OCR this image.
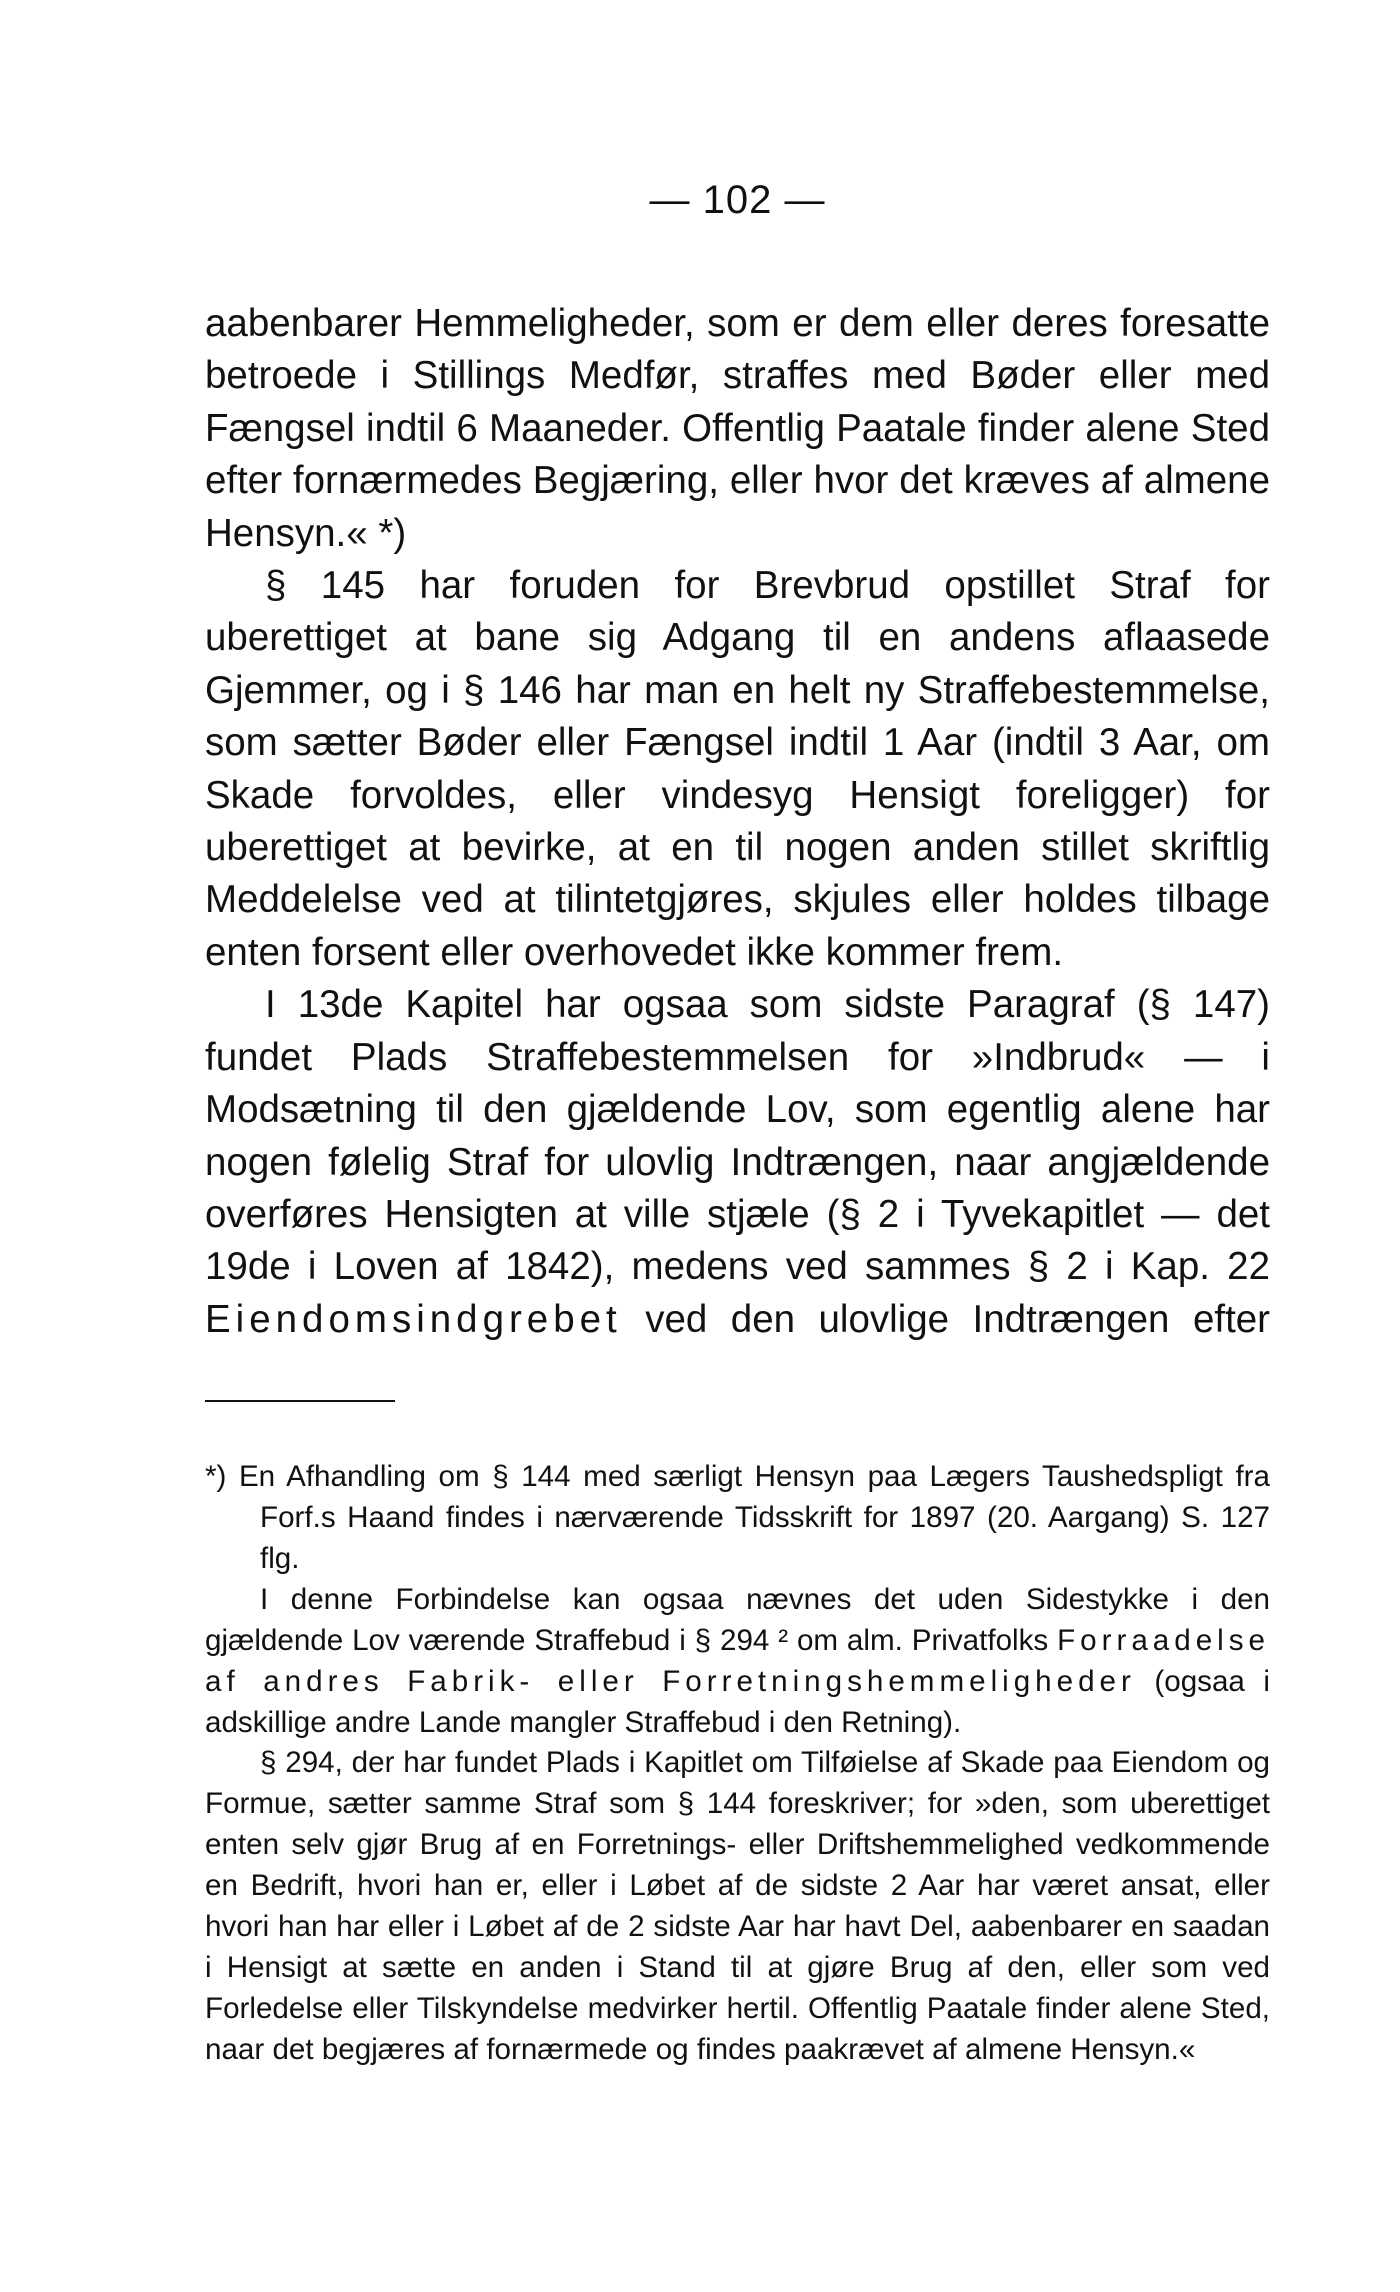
— 102 —

aabenbarer Hemmeligheder, som er dem eller deres foresatte betroede i Stillings Medfør, straffes med Bøder eller med Fængsel indtil 6 Maaneder. Offentlig Paatale finder alene Sted efter fornærmedes Begjæring, eller hvor det kræves af almene Hensyn.« *)

§ 145 har foruden for Brevbrud opstillet Straf for uberettiget at bane sig Adgang til en andens aflaasede Gjemmer, og i § 146 har man en helt ny Straffebestemmelse, som sætter Bøder eller Fængsel indtil 1 Aar (indtil 3 Aar, om Skade forvoldes, eller vindesyg Hensigt foreligger) for uberettiget at bevirke, at en til nogen anden stillet skriftlig Meddelelse ved at tilintetgjøres, skjules eller holdes tilbage enten forsent eller overhovedet ikke kommer frem.

I 13de Kapitel har ogsaa som sidste Paragraf (§ 147) fundet Plads Straffebestemmelsen for »Indbrud« — i Modsætning til den gjældende Lov, som egentlig alene har nogen følelig Straf for ulovlig Indtrængen, naar angjældende overføres Hensigten at ville stjæle (§ 2 i Tyvekapitlet — det 19de i Loven af 1842), medens ved sammes § 2 i Kap. 22 Eiendomsindgrebet ved den ulovlige Indtrængen efter

*) En Afhandling om § 144 med særligt Hensyn paa Lægers Taushedspligt fra Forf.s Haand findes i nærværende Tidsskrift for 1897 (20. Aargang) S. 127 flg.

I denne Forbindelse kan ogsaa nævnes det uden Sidestykke i den gjældende Lov værende Straffebud i § 294 ² om alm. Privatfolks Forraadelse af andres Fabrik- eller Forretningshemmeligheder (ogsaa i adskillige andre Lande mangler Straffebud i den Retning).

§ 294, der har fundet Plads i Kapitlet om Tilføielse af Skade paa Eiendom og Formue, sætter samme Straf som § 144 foreskriver; for »den, som uberettiget enten selv gjør Brug af en Forretnings- eller Driftshemmelighed vedkommende en Bedrift, hvori han er, eller i Løbet af de sidste 2 Aar har været ansat, eller hvori han har eller i Løbet af de 2 sidste Aar har havt Del, aabenbarer en saadan i Hensigt at sætte en anden i Stand til at gjøre Brug af den, eller som ved Forledelse eller Tilskyndelse medvirker hertil. Offentlig Paatale finder alene Sted, naar det begjæres af fornærmede og findes paakrævet af almene Hensyn.«
